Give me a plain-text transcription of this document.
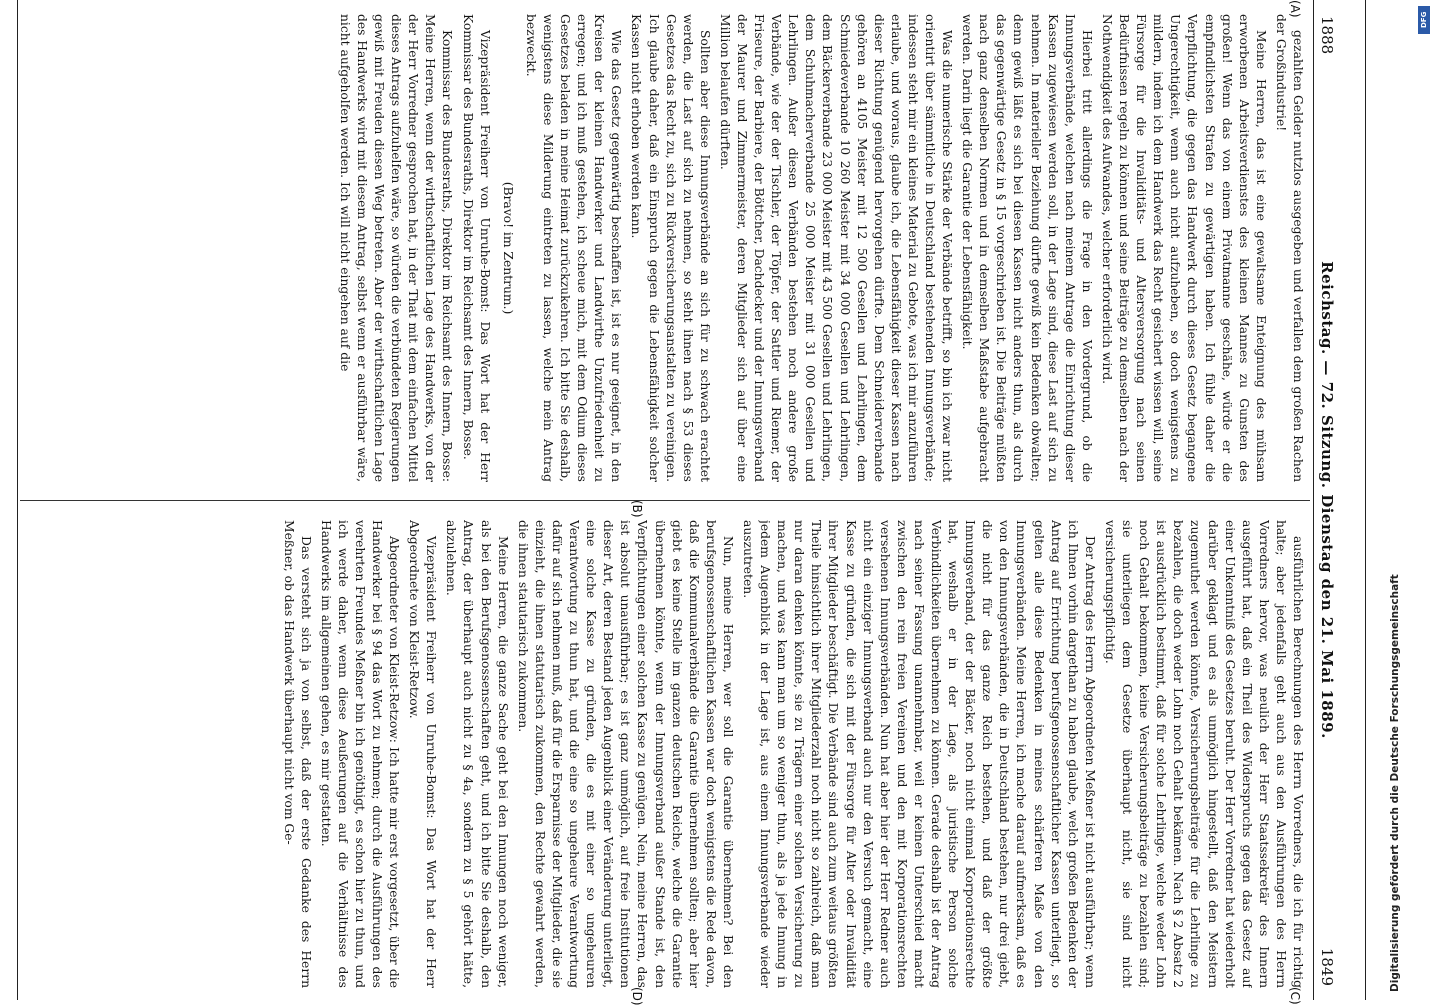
1888
Reichstag. — 72. Sitzung. Dienstag den 21. Mai 1889.
1849
(A)
(B)
(C)
(D)

gezahlten Gelder nutzlos ausgegeben und verfallen dem großen Rachen der Großindustrie!

Meine Herren, das ist eine gewaltsame Enteignung des mühsam erworbenen Arbeitsverdienstes des kleinen Mannes zu Gunsten des großen! Wenn das von einem Privatmanne geschähe, würde er die empfindlichsten Strafen zu gewärtigen haben. Ich fühle daher die Verpflichtung, die gegen das Handwerk durch dieses Gesetz begangene Ungerechtigkeit, wenn auch nicht aufzuheben, so doch wenigstens zu mildern, indem ich dem Handwerk das Recht gesichert wissen will, seine Fürsorge für die Invaliditäts- und Altersversorgung nach seinen Bedürfnissen regeln zu können und seine Beiträge zu demselben nach der Nothwendigkeit des Aufwandes, welcher erforderlich wird.

Hierbei tritt allerdings die Frage in den Vordergrund, ob die Innungsverbände, welchen nach meinem Antrage die Einrichtung dieser Kassen zugewiesen werden soll, in der Lage sind, diese Last auf sich zu nehmen. In materieller Beziehung dürfte gewiß kein Bedenken obwalten; denn gewiß läßt es sich bei diesen Kassen nicht anders thun, als durch das gegenwärtige Gesetz in § 15 vorgeschrieben ist. Die Beiträge müßten nach ganz denselben Normen und in demselben Maßstabe aufgebracht werden. Darin liegt die Garantie der Lebensfähigkeit.

Was die numerische Stärke der Verbände betrifft, so bin ich zwar nicht orientirt über sämmtliche in Deutschland bestehenden Innungsverbände; indessen steht mir ein kleines Material zu Gebote, was ich mir anzuführen erlaube, und woraus, glaube ich, die Lebensfähigkeit dieser Kassen nach dieser Richtung genügend hervorgehen dürfte. Dem Schneiderverbande gehören an 4105 Meister mit 12 500 Gesellen und Lehrlingen, dem Schmiedeverbande 10 260 Meister mit 34 000 Gesellen und Lehrlingen, dem Bäckerverbande 23 000 Meister mit 43 500 Gesellen und Lehrlingen, dem Schuhmacherverbande 25 000 Meister mit 31 000 Gesellen und Lehrlingen. Außer diesen Verbänden bestehen noch andere große Verbände, wie der der Tischler, der Töpfer, der Sattler und Riemer, der Friseure, der Barbiere, der Böttcher, Dachdecker und der Innungsverband der Maurer und Zimmermeister, deren Mitglieder sich auf über eine Million belaufen dürften.

Sollten aber diese Innungsverbände an sich für zu schwach erachtet werden, die Last auf sich zu nehmen, so steht ihnen nach § 53 dieses Gesetzes das Recht zu, sich zu Rückversicherungsanstalten zu vereinigen. Ich glaube daher, daß ein Einspruch gegen die Lebensfähigkeit solcher Kassen nicht erhoben werden kann.

Wie das Gesetz gegenwärtig beschaffen ist, ist es nur geeignet, in den Kreisen der kleinen Handwerker und Landwirthe Unzufriedenheit zu erregen; und ich muß gestehen, ich scheue mich, mit dem Odium dieses Gesetzes beladen in meine Heimat zurückzukehren. Ich bitte Sie deshalb, wenigstens diese Milderung eintreten zu lassen, welche mein Antrag bezweckt.

(Bravo! im Zentrum.)

Vizepräsident Freiherr von Unruhe-Bomst: Das Wort hat der Herr Kommissar des Bundesraths, Direktor im Reichsamt des Innern, Bosse.

Kommissar des Bundesraths, Direktor im Reichsamt des Innern, Bosse: Meine Herren, wenn der wirthschaftlichen Lage des Handwerks, von der der Herr Vorredner gesprochen hat, in der That mit dem einfachen Mittel dieses Antrags aufzuhelfen wäre, so würden die verbündeten Regierungen gewiß mit Freuden diesen Weg betreten. Aber der wirthschaftlichen Lage des Handwerks wird mit diesem Antrag, selbst wenn er ausführbar wäre, nicht aufgeholfen werden. Ich will nicht eingehen auf die

ausführlichen Berechnungen des Herrn Vorredners, die ich für richtig halte; aber jedenfalls geht auch aus den Ausführungen des Herrn Vorredners hervor, was neulich der Herr Staatssekretär des Innern ausgeführt hat, daß ein Theil des Widerspruchs gegen das Gesetz auf einer Unkenntniß des Gesetzes beruht. Der Herr Vorredner hat wiederholt darüber geklagt und es als unmöglich hingestellt, daß den Meistern zugemuthet werden könnte, Versicherungsbeiträge für die Lehrlinge zu bezahlen, die doch weder Lohn noch Gehalt bekämen. Nach § 2 Absatz 2 ist ausdrücklich bestimmt, daß für solche Lehrlinge, welche weder Lohn noch Gehalt bekommen, keine Versicherungsbeiträge zu bezahlen sind; sie unterliegen dem Gesetze überhaupt nicht, sie sind nicht versicherungspflichtig.

Der Antrag des Herrn Abgeordneten Meßner ist nicht ausführbar; wenn ich Ihnen vorhin dargethan zu haben glaube, welch großen Bedenken der Antrag auf Errichtung berufsgenossenschaftlicher Kassen unterliegt, so gelten alle diese Bedenken in meines schärferen Maße von den Innungsverbänden. Meine Herren, ich mache darauf aufmerksam, daß es von den Innungsverbänden, die in Deutschland bestehen, nur drei giebt, die nicht für das ganze Reich bestehen, und daß der größte Innungsverband, der der Bäcker, noch nicht einmal Korporationsrechte hat, weshalb er in der Lage, als juristische Person solche Verbindlichkeiten übernehmen zu können. Gerade deshalb ist der Antrag nach seiner Fassung unannehmbar, weil er keinen Unterschied macht zwischen den rein freien Vereinen und den mit Korporationsrechten versehenen Innungsverbänden. Nun hat aber hier der Herr Redner auch nicht ein einziger Innungsverband auch nur den Versuch gemacht, eine Kasse zu gründen, die sich mit der Fürsorge für Alter oder Invalidität ihrer Mitglieder beschäftigt. Die Verbände sind auch zum weitaus größten Theile hinsichtlich ihrer Mitgliederzahl noch nicht so zahlreich, daß man nur daran denken könnte, sie zu Trägern einer solchen Versicherung zu machen, und was kann man um so weniger thun, als ja jede Innung in jedem Augenblick in der Lage ist, aus einem Innungsverbande wieder auszutreten.

Nun, meine Herren, wer soll die Garantie übernehmen? Bei den berufsgenossenschaftlichen Kassen war doch wenigstens die Rede davon, daß die Kommunalverbände die Garantie übernehmen sollten; aber hier giebt es keine Stelle im ganzen deutschen Reiche, welche die Garantie übernehmen könnte, wenn der Innungsverband außer Stande ist, den Verpflichtungen einer solchen Kasse zu genügen. Nein, meine Herren, das ist absolut unausführbar; es ist ganz unmöglich, auf freie Institutionen dieser Art, deren Bestand jeden Augenblick einer Veränderung unterliegt, eine solche Kasse zu gründen, die es mit einer so ungeheuren Verantwortung zu thun hat, und die eine so ungeheure Verantwortung dafür auf sich nehmen muß, daß für die Ersparnisse der Mitglieder, die sie einzieht, die ihnen statutarisch zukommen, den Rechte gewahrt werden, die ihnen statutarisch zukommen.

Meine Herren, die ganze Sache geht bei den Innungen noch weniger, als bei den Berufsgenossenschaften geht, und ich bitte Sie deshalb, den Antrag, der überhaupt auch nicht zu § 4a, sondern zu § 5 gehört hätte, abzulehnen.

Vizepräsident Freiherr von Unruhe-Bomst: Das Wort hat der Herr Abgeordnete von Kleist-Retzow.

Abgeordneter von Kleist-Retzow: Ich hatte mir erst vorgesetzt, über die Handwerker bei § 94 das Wort zu nehmen; durch die Ausführungen des verehrten Freundes Meßner bin ich genöthigt, es schon hier zu thun, und ich werde daher, wenn diese Aeußerungen auf die Verhältnisse des Handwerks im allgemeinen gehen, es mir gestatten.

Das versteht sich ja von selbst, daß der erste Gedanke des Herrn Meßner, ob das Handwerk überhaupt nicht vom Ge-	Digitalisierung gefördert durch die Deutsche Forschungsgemeinschaft
DFG
